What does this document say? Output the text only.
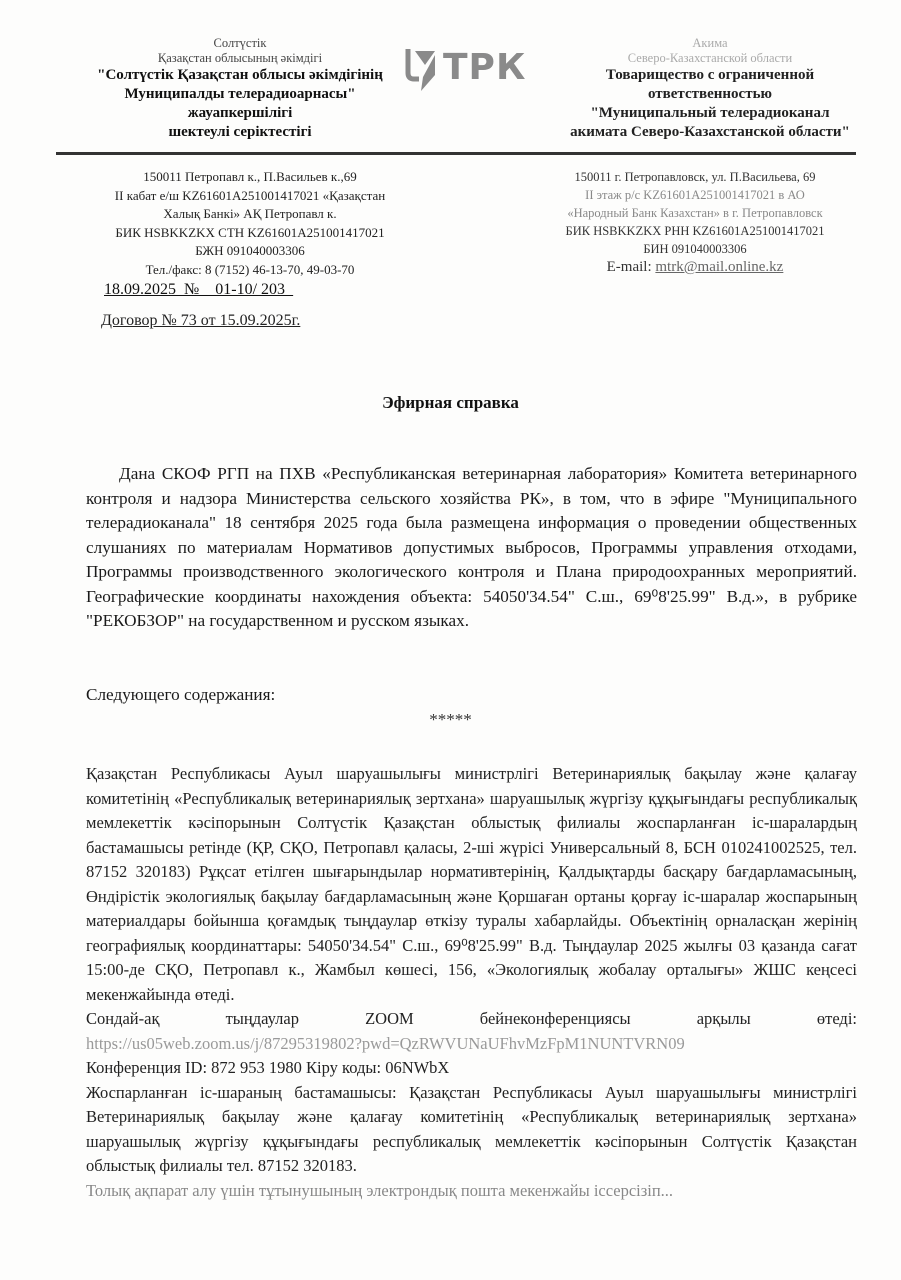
Солтүстік
Қазақстан облысының әкімдігі
"Солтүстік Қазақстан облысы әкімдігінің
Муниципалды телерадиоарнасы"
жауапкершілігі
шектеулі серіктестігі
ТРК
Акима
Северо-Казахстанской области
Товарищество с ограниченной
ответственностью
"Муниципальный телерадиоканал
акимата Северо-Казахстанской области"
150011 Петропавл к., П.Васильев к.,69
II кабат е/ш KZ61601A251001417021 «Қазақстан
Халық Банкі» АҚ Петропавл к.
БИК HSBKKZKX СТН KZ61601A251001417021
БЖН 091040003306
Тел./факс: 8 (7152) 46-13-70, 49-03-70
150011 г. Петропавловск, ул. П.Васильева, 69
II этаж р/с KZ61601A251001417021 в АО
«Народный Банк Казахстан» в г. Петропавловск
БИК HSBKKZKX РНН KZ61601A251001417021
БИН 091040003306
E-mail: mtrk@mail.online.kz
18.09.2025_№__01-10/ 203_
Договор № 73 от 15.09.2025г.
Эфирная справка
Дана СКОФ РГП на ПХВ «Республиканская ветеринарная лаборатория» Комитета ветеринарного контроля и надзора Министерства сельского хозяйства РК», в том, что в эфире "Муниципального телерадиоканала" 18 сентября 2025 года была размещена информация о проведении общественных слушаниях по материалам Нормативов допустимых выбросов, Программы управления отходами, Программы производственного экологического контроля и Плана природоохранных мероприятий. Географические координаты нахождения объекта: 54050'34.54" С.ш., 69⁰8'25.99" В.д.», в рубрике "РЕКОБЗОР" на государственном и русском языках.
Следующего содержания:
*****

Қазақстан Республикасы Ауыл шаруашылығы министрлігі Ветеринариялық бақылау және қалағау комитетінің «Республикалық ветеринариялық зертхана» шаруашылық жүргізу құқығындағы республикалық мемлекеттік кәсіпорынын Солтүстік Қазақстан облыстық филиалы жоспарланған іс-шаралардың бастамашысы ретінде (ҚР, СҚО, Петропавл қаласы, 2-ші жүрісі Универсальный 8, БСН 010241002525, тел. 87152 320183) Рұқсат етілген шығарындылар нормативтерінің, Қалдықтарды басқару бағдарламасының, Өндірістік экологиялық бақылау бағдарламасының және Қоршаған ортаны қорғау іс-шаралар жоспарының материалдары бойынша қоғамдық тыңдаулар өткізу туралы хабарлайды. Объектінің орналасқан жерінің географиялық координаттары: 54050'34.54" С.ш., 69⁰8'25.99" В.д. Тыңдаулар 2025 жылғы 03 қазанда сағат 15:00-де СҚО, Петропавл к., Жамбыл көшесі, 156, «Экологиялық жобалау орталығы» ЖШС кеңсесі мекенжайында өтеді.

Сондай-ақ тыңдаулар ZOOM бейнеконференциясы арқылы өтеді:

https://us05web.zoom.us/j/87295319802?pwd=QzRWVUNaUFhvMzFpM1NUNTVRN09

Конференция ID: 872 953 1980 Кіру коды: 06NWbX

Жоспарланған іс-шараның бастамашысы: Қазақстан Республикасы Ауыл шаруашылығы министрлігі Ветеринариялық бақылау және қалағау комитетінің «Республикалық ветеринариялық зертхана» шаруашылық жүргізу құқығындағы республикалық мемлекеттік кәсіпорынын Солтүстік Қазақстан облыстық филиалы тел. 87152 320183.

Толық ақпарат алу үшін тұтынушының электрондық пошта мекенжайы іссерсізіп...
